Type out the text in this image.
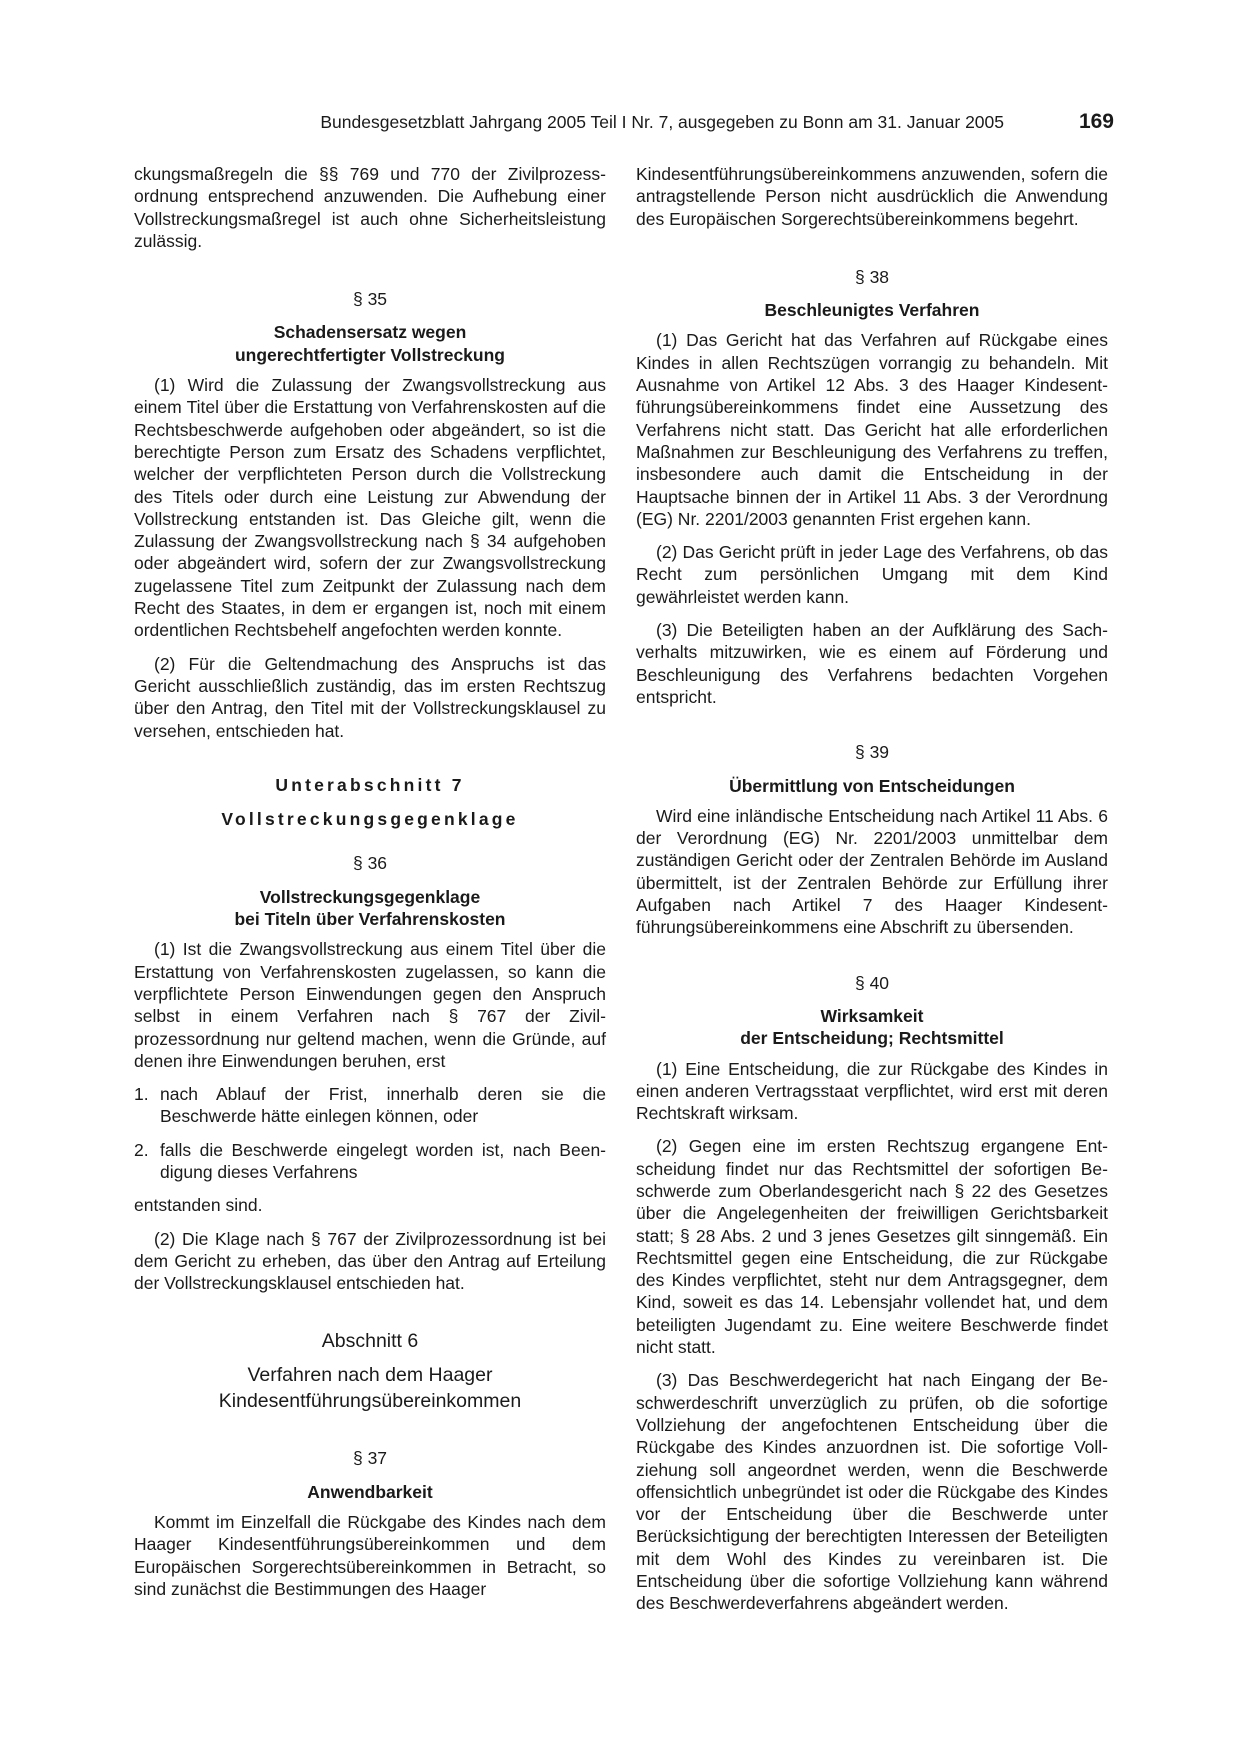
Bundesgesetzblatt Jahrgang 2005 Teil I Nr. 7, ausgegeben zu Bonn am 31. Januar 2005	169

ckungsmaßregeln die §§ 769 und 770 der Zivilprozessordnung entsprechend anzuwenden. Die Aufhebung einer Vollstreckungsmaßregel ist auch ohne Sicherheitsleistung zulässig.

§ 35
Schadensersatz wegen
ungerechtfertigter Vollstreckung

(1) Wird die Zulassung der Zwangsvollstreckung aus einem Titel über die Erstattung von Verfahrenskosten auf die Rechtsbeschwerde aufgehoben oder abgeändert, so ist die berechtigte Person zum Ersatz des Schadens verpflichtet, welcher der verpflichteten Person durch die Vollstreckung des Titels oder durch eine Leistung zur Abwendung der Vollstreckung entstanden ist. Das Gleiche gilt, wenn die Zulassung der Zwangsvollstreckung nach § 34 aufgehoben oder abgeändert wird, sofern der zur Zwangsvollstreckung zugelassene Titel zum Zeitpunkt der Zulassung nach dem Recht des Staates, in dem er ergangen ist, noch mit einem ordentlichen Rechtsbehelf angefochten werden konnte.

(2) Für die Geltendmachung des Anspruchs ist das Gericht ausschließlich zuständig, das im ersten Rechtszug über den Antrag, den Titel mit der Vollstreckungsklausel zu versehen, entschieden hat.

Unterabschnitt 7
Vollstreckungsgegenklage
§ 36
Vollstreckungsgegenklage
bei Titeln über Verfahrenskosten

(1) Ist die Zwangsvollstreckung aus einem Titel über die Erstattung von Verfahrenskosten zugelassen, so kann die verpflichtete Person Einwendungen gegen den Anspruch selbst in einem Verfahren nach § 767 der Zivilprozessordnung nur geltend machen, wenn die Gründe, auf denen ihre Einwendungen beruhen, erst

1. nach Ablauf der Frist, innerhalb deren sie die Beschwerde hätte einlegen können, oder
2. falls die Beschwerde eingelegt worden ist, nach Beendigung dieses Verfahrens

entstanden sind.

(2) Die Klage nach § 767 der Zivilprozessordnung ist bei dem Gericht zu erheben, das über den Antrag auf Erteilung der Vollstreckungsklausel entschieden hat.

Abschnitt 6
Verfahren nach dem Haager
Kindesentführungsübereinkommen
§ 37
Anwendbarkeit

Kommt im Einzelfall die Rückgabe des Kindes nach dem Haager Kindesentführungsübereinkommen und dem Europäischen Sorgerechtsübereinkommen in Betracht, so sind zunächst die Bestimmungen des Haager

Kindesentführungsübereinkommens anzuwenden, sofern die antragstellende Person nicht ausdrücklich die Anwendung des Europäischen Sorgerechtsübereinkommens begehrt.

§ 38
Beschleunigtes Verfahren

(1) Das Gericht hat das Verfahren auf Rückgabe eines Kindes in allen Rechtszügen vorrangig zu behandeln. Mit Ausnahme von Artikel 12 Abs. 3 des Haager Kindesentführungsübereinkommens findet eine Aussetzung des Verfahrens nicht statt. Das Gericht hat alle erforderlichen Maßnahmen zur Beschleunigung des Verfahrens zu treffen, insbesondere auch damit die Entscheidung in der Hauptsache binnen der in Artikel 11 Abs. 3 der Verordnung (EG) Nr. 2201/2003 genannten Frist ergehen kann.

(2) Das Gericht prüft in jeder Lage des Verfahrens, ob das Recht zum persönlichen Umgang mit dem Kind gewährleistet werden kann.

(3) Die Beteiligten haben an der Aufklärung des Sachverhalts mitzuwirken, wie es einem auf Förderung und Beschleunigung des Verfahrens bedachten Vorgehen entspricht.

§ 39
Übermittlung von Entscheidungen

Wird eine inländische Entscheidung nach Artikel 11 Abs. 6 der Verordnung (EG) Nr. 2201/2003 unmittelbar dem zuständigen Gericht oder der Zentralen Behörde im Ausland übermittelt, ist der Zentralen Behörde zur Erfüllung ihrer Aufgaben nach Artikel 7 des Haager Kindesentführungsübereinkommens eine Abschrift zu übersenden.

§ 40
Wirksamkeit
der Entscheidung; Rechtsmittel

(1) Eine Entscheidung, die zur Rückgabe des Kindes in einen anderen Vertragsstaat verpflichtet, wird erst mit deren Rechtskraft wirksam.

(2) Gegen eine im ersten Rechtszug ergangene Entscheidung findet nur das Rechtsmittel der sofortigen Beschwerde zum Oberlandesgericht nach § 22 des Gesetzes über die Angelegenheiten der freiwilligen Gerichtsbarkeit statt; § 28 Abs. 2 und 3 jenes Gesetzes gilt sinngemäß. Ein Rechtsmittel gegen eine Entscheidung, die zur Rückgabe des Kindes verpflichtet, steht nur dem Antragsgegner, dem Kind, soweit es das 14. Lebensjahr vollendet hat, und dem beteiligten Jugendamt zu. Eine weitere Beschwerde findet nicht statt.

(3) Das Beschwerdegericht hat nach Eingang der Beschwerdeschrift unverzüglich zu prüfen, ob die sofortige Vollziehung der angefochtenen Entscheidung über die Rückgabe des Kindes anzuordnen ist. Die sofortige Vollziehung soll angeordnet werden, wenn die Beschwerde offensichtlich unbegründet ist oder die Rückgabe des Kindes vor der Entscheidung über die Beschwerde unter Berücksichtigung der berechtigten Interessen der Beteiligten mit dem Wohl des Kindes zu vereinbaren ist. Die Entscheidung über die sofortige Vollziehung kann während des Beschwerdeverfahrens abgeändert werden.
